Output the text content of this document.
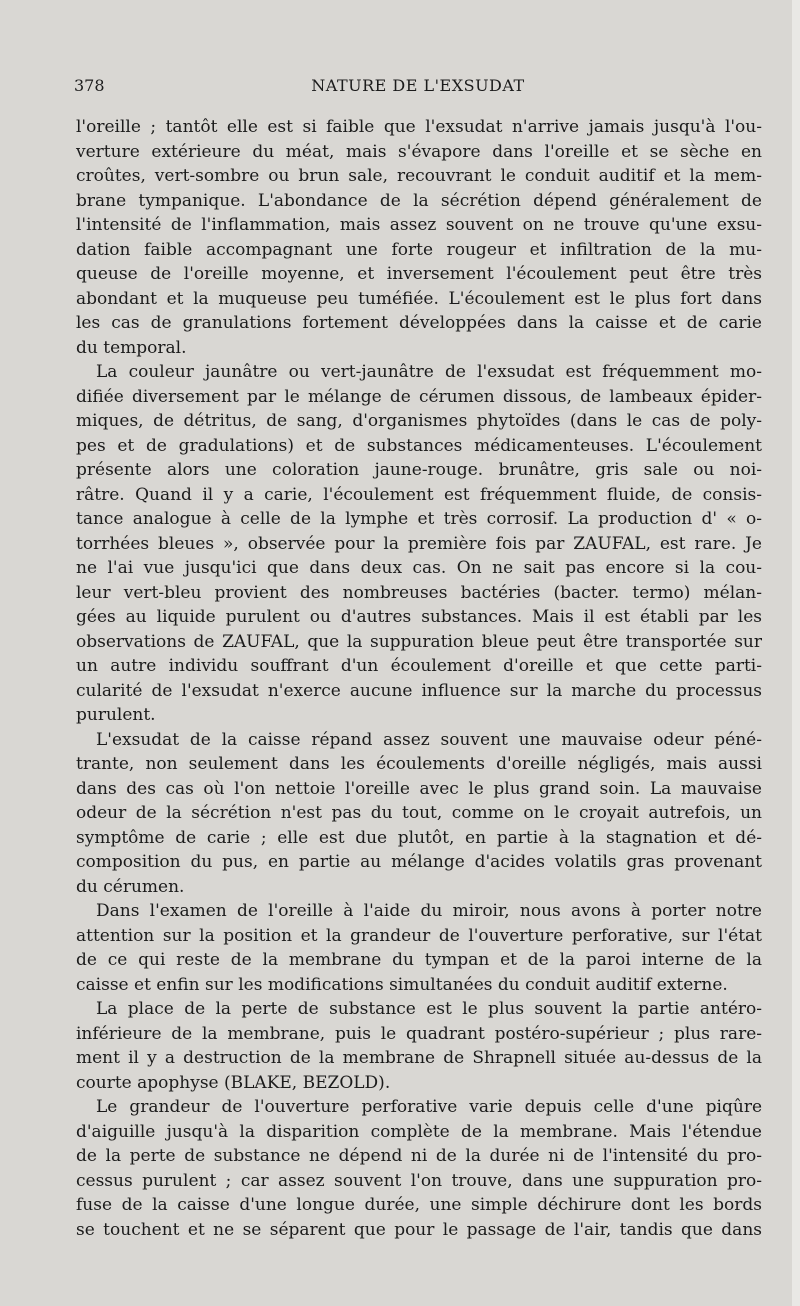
378	NATURE DE L'EXSUDAT
l'oreille ; tantôt elle est si faible que l'exsudat n'arrive jamais jusqu'à l'ou-
verture extérieure du méat, mais s'évapore dans l'oreille et se sèche en
croûtes, vert-sombre ou brun sale, recouvrant le conduit auditif et la mem-
brane tympanique. L'abondance de la sécrétion dépend généralement de
l'intensité de l'inflammation, mais assez souvent on ne trouve qu'une exsu-
dation faible accompagnant une forte rougeur et infiltration de la mu-
queuse de l'oreille moyenne, et inversement l'écoulement peut être très
abondant et la muqueuse peu tuméfiée. L'écoulement est le plus fort dans
les cas de granulations fortement développées dans la caisse et de carie
du temporal.
La couleur jaunâtre ou vert-jaunâtre de l'exsudat est fréquemment mo-
difiée diversement par le mélange de cérumen dissous, de lambeaux épider-
miques, de détritus, de sang, d'organismes phytoïdes (dans le cas de poly-
pes et de gradulations) et de substances médicamenteuses. L'écoulement
présente alors une coloration jaune-rouge. brunâtre, gris sale ou noi-
râtre. Quand il y a carie, l'écoulement est fréquemment fluide, de consis-
tance analogue à celle de la lymphe et très corrosif. La production d' « o-
torrhées bleues », observée pour la première fois par ZAUFAL, est rare. Je
ne l'ai vue jusqu'ici que dans deux cas. On ne sait pas encore si la cou-
leur vert-bleu provient des nombreuses bactéries (bacter. termo) mélan-
gées au liquide purulent ou d'autres substances. Mais il est établi par les
observations de ZAUFAL, que la suppuration bleue peut être transportée sur
un autre individu souffrant d'un écoulement d'oreille et que cette parti-
cularité de l'exsudat n'exerce aucune influence sur la marche du processus
purulent.
L'exsudat de la caisse répand assez souvent une mauvaise odeur péné-
trante, non seulement dans les écoulements d'oreille négligés, mais aussi
dans des cas où l'on nettoie l'oreille avec le plus grand soin. La mauvaise
odeur de la sécrétion n'est pas du tout, comme on le croyait autrefois, un
symptôme de carie ; elle est due plutôt, en partie à la stagnation et dé-
composition du pus, en partie au mélange d'acides volatils gras provenant
du cérumen.
Dans l'examen de l'oreille à l'aide du miroir, nous avons à porter notre
attention sur la position et la grandeur de l'ouverture perforative, sur l'état
de ce qui reste de la membrane du tympan et de la paroi interne de la
caisse et enfin sur les modifications simultanées du conduit auditif externe.
La place de la perte de substance est le plus souvent la partie antéro-
inférieure de la membrane, puis le quadrant postéro-supérieur ; plus rare-
ment il y a destruction de la membrane de Shrapnell située au-dessus de la
courte apophyse (BLAKE, BEZOLD).
Le grandeur de l'ouverture perforative varie depuis celle d'une piqûre
d'aiguille jusqu'à la disparition complète de la membrane. Mais l'étendue
de la perte de substance ne dépend ni de la durée ni de l'intensité du pro-
cessus purulent ; car assez souvent l'on trouve, dans une suppuration pro-
fuse de la caisse d'une longue durée, une simple déchirure dont les bords
se touchent et ne se séparent que pour le passage de l'air, tandis que dans
